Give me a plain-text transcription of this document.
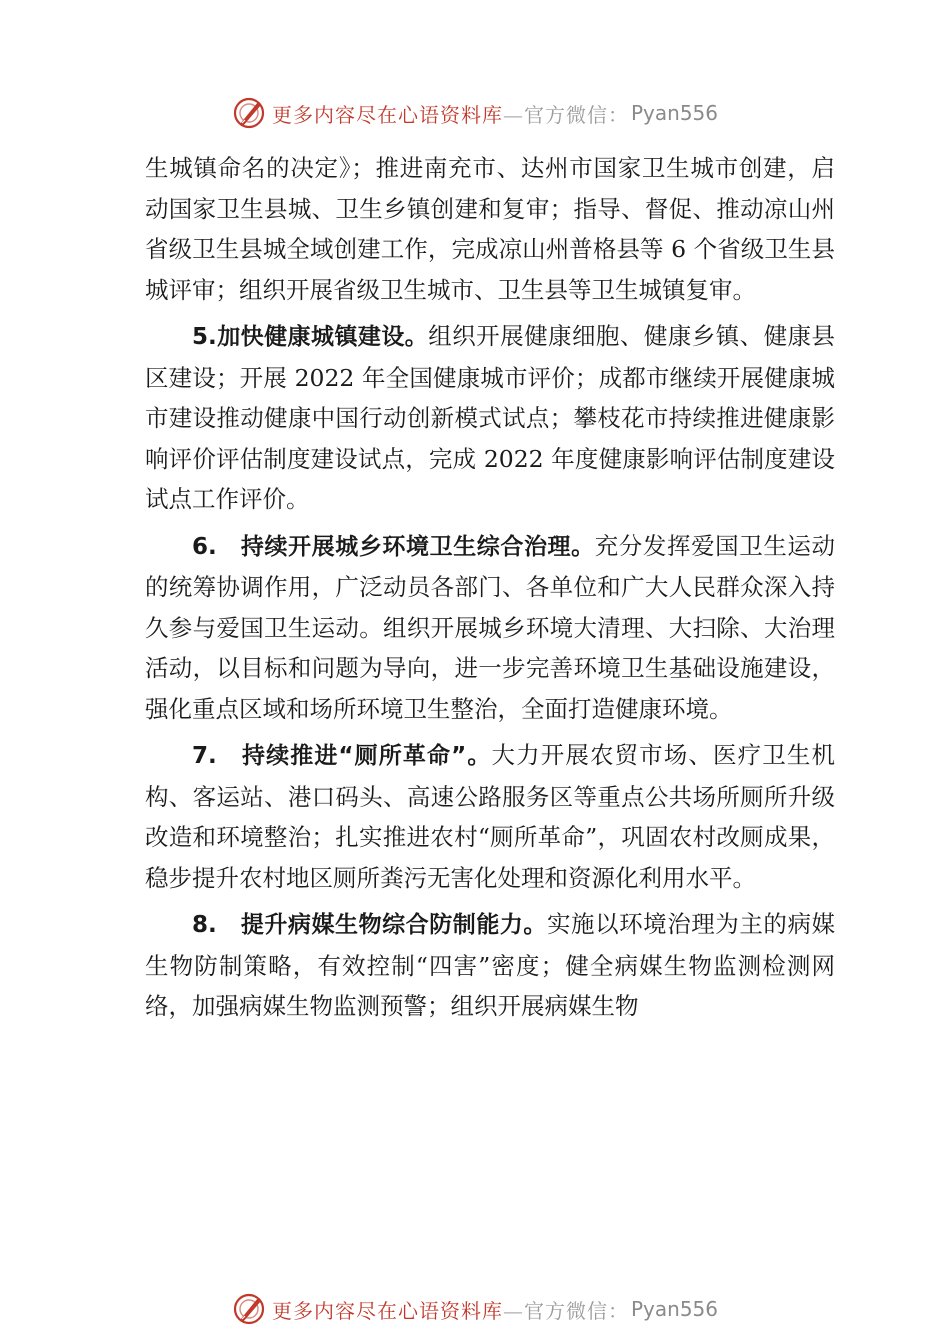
更多内容尽在心语资料库—官方微信： Pyan556

生城镇命名的决定》；推进南充市、达州市国家卫生城市创建，启动国家卫生县城、卫生乡镇创建和复审；指导、督促、推动凉山州省级卫生县城全域创建工作，完成凉山州普格县等 6 个省级卫生县城评审；组织开展省级卫生城市、卫生县等卫生城镇复审。

5.加快健康城镇建设。组织开展健康细胞、健康乡镇、健康县区建设；开展 2022 年全国健康城市评价；成都市继续开展健康城市建设推动健康中国行动创新模式试点；攀枝花市持续推进健康影响评价评估制度建设试点，完成 2022 年度健康影响评估制度建设试点工作评价。

6.　持续开展城乡环境卫生综合治理。充分发挥爱国卫生运动的统筹协调作用，广泛动员各部门、各单位和广大人民群众深入持久参与爱国卫生运动。组织开展城乡环境大清理、大扫除、大治理活动，以目标和问题为导向，进一步完善环境卫生基础设施建设，强化重点区域和场所环境卫生整治，全面打造健康环境。

7.　持续推进“厕所革命”。大力开展农贸市场、医疗卫生机构、客运站、港口码头、高速公路服务区等重点公共场所厕所升级改造和环境整治；扎实推进农村“厕所革命”，巩固农村改厕成果，稳步提升农村地区厕所粪污无害化处理和资源化利用水平。

8.　提升病媒生物综合防制能力。实施以环境治理为主的病媒生物防制策略，有效控制“四害”密度；健全病媒生物监测检测网络，加强病媒生物监测预警；组织开展病媒生物

更多内容尽在心语资料库—官方微信： Pyan556
